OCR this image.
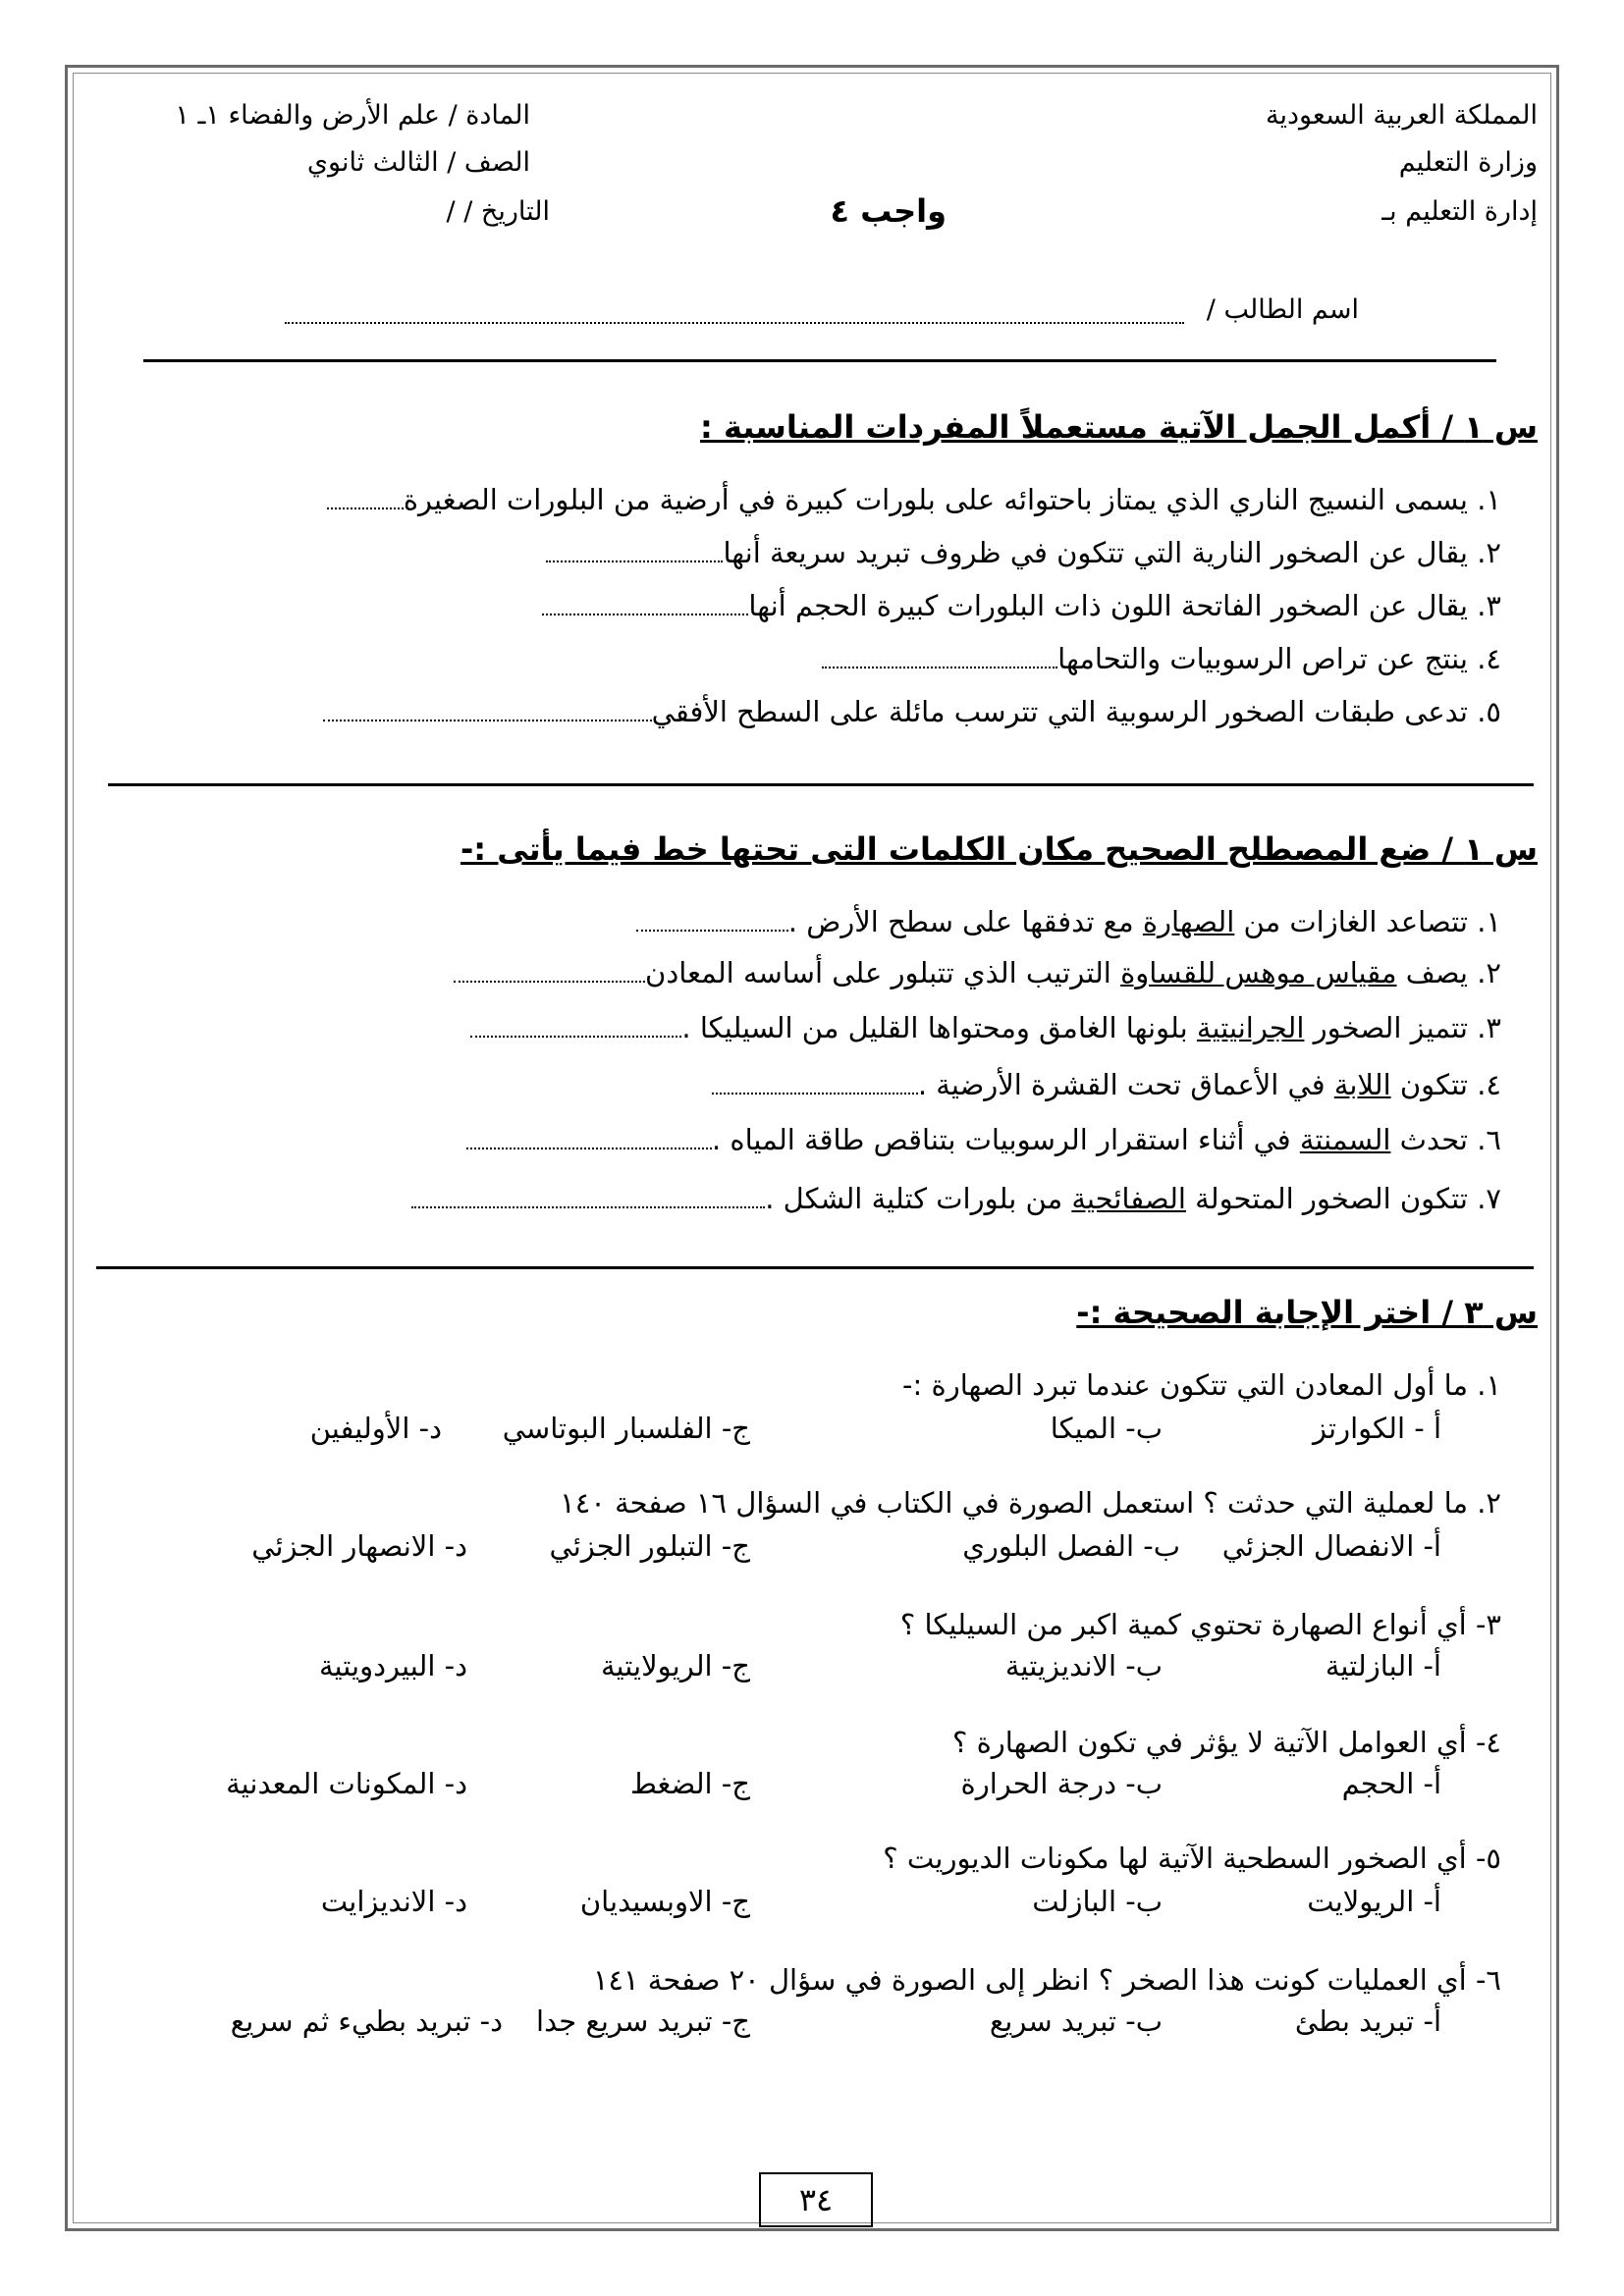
المملكة العربية السعودية
وزارة التعليم
إدارة التعليم بـ
المادة / علم الأرض والفضاء ١ـ ١
الصف / الثالث ثانوي
التاريخ / /	واجب ٤
اسم الطالب /
س ١ / أكمل الجمل الآتية مستعملاً المفردات المناسبة :
١. يسمى النسيج الناري الذي يمتاز باحتوائه على بلورات كبيرة في أرضية من البلورات الصغيرة
٢. يقال عن الصخور النارية التي تتكون في ظروف تبريد سريعة أنها
٣. يقال عن الصخور الفاتحة اللون ذات البلورات كبيرة الحجم أنها
٤. ينتج عن تراص الرسوبيات والتحامها
٥. تدعى طبقات الصخور الرسوبية التي تترسب مائلة على السطح الأفقي
س ١ / ضع المصطلح الصحيح مكان الكلمات التى تحتها خط فيما يأتى :-
١. تتصاعد الغازات من الصهارة مع تدفقها على سطح الأرض .
٢. يصف مقياس موهس للقساوة الترتيب الذي تتبلور على أساسه المعادن
٣. تتميز الصخور الجرانيتية بلونها الغامق ومحتواها القليل من السيليكا .
٤. تتكون اللابة في الأعماق تحت القشرة الأرضية .
٦. تحدث السمنتة في أثناء استقرار الرسوبيات بتناقص طاقة المياه .
٧. تتكون الصخور المتحولة الصفائحية من بلورات كتلية الشكل .
س ٣ / اختر الإجابة الصحيحة :-
١. ما أول المعادن التي تتكون عندما تبرد الصهارة :-
أ - الكوارتز
ب- الميكا
ج- الفلسبار البوتاسي
د- الأوليفين
٢. ما لعملية التي حدثت ؟ استعمل الصورة في الكتاب في السؤال ١٦ صفحة ١٤٠
أ- الانفصال الجزئي
ب- الفصل البلوري
ج- التبلور الجزئي
د- الانصهار الجزئي
٣- أي أنواع الصهارة تحتوي كمية اكبر من السيليكا ؟
أ- البازلتية
ب- الانديزيتية
ج- الريولايتية
د- البيردويتية
٤- أي العوامل الآتية لا يؤثر في تكون الصهارة ؟
أ- الحجم
ب- درجة الحرارة
ج- الضغط
د- المكونات المعدنية
٥- أي الصخور السطحية الآتية لها مكونات الديوريت ؟
أ- الريولايت
ب- البازلت
ج- الاوبسيديان
د- الانديزايت
٦- أي العمليات كونت هذا الصخر ؟ انظر إلى الصورة في سؤال ٢٠ صفحة ١٤١
أ- تبريد بطئ
ب- تبريد سريع
ج- تبريد سريع جدا
د- تبريد بطيء ثم سريع
٣٤
